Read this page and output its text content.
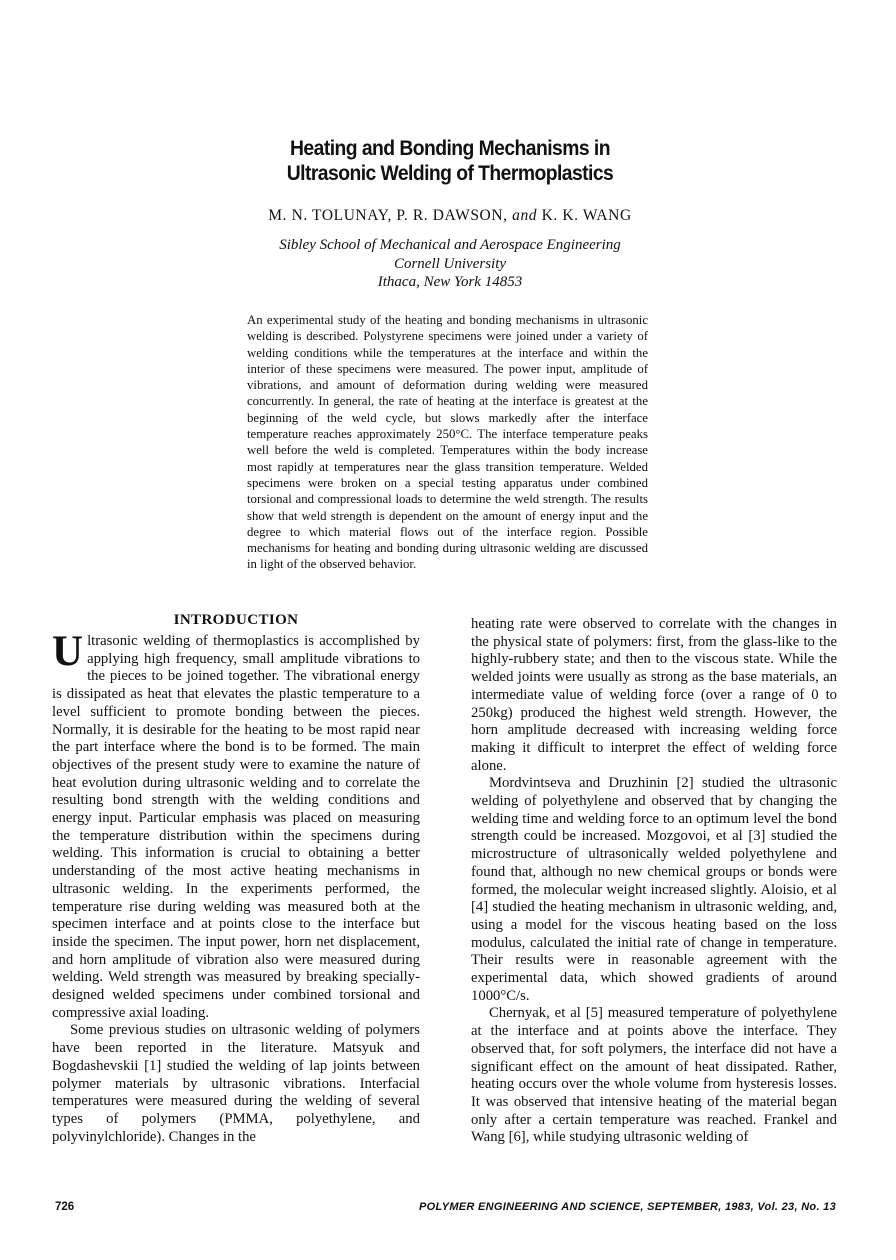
Heating and Bonding Mechanisms in
Ultrasonic Welding of Thermoplastics
M. N. TOLUNAY, P. R. DAWSON, and K. K. WANG
Sibley School of Mechanical and Aerospace Engineering
Cornell University
Ithaca, New York 14853
An experimental study of the heating and bonding mechanisms in ultrasonic welding is described. Polystyrene specimens were joined under a variety of welding conditions while the temperatures at the interface and within the interior of these specimens were measured. The power input, amplitude of vibrations, and amount of deformation during welding were measured concurrently. In general, the rate of heating at the interface is greatest at the beginning of the weld cycle, but slows markedly after the interface temperature reaches approximately 250°C. The interface temperature peaks well before the weld is completed. Temperatures within the body increase most rapidly at temperatures near the glass transition temperature. Welded specimens were broken on a special testing apparatus under combined torsional and compressional loads to determine the weld strength. The results show that weld strength is dependent on the amount of energy input and the degree to which material flows out of the interface region. Possible mechanisms for heating and bonding during ultrasonic welding are discussed in light of the observed behavior.
INTRODUCTION

Ultrasonic welding of thermoplastics is accomplished by applying high frequency, small amplitude vibrations to the pieces to be joined together. The vibrational energy is dissipated as heat that elevates the plastic temperature to a level sufficient to promote bonding between the pieces. Normally, it is desirable for the heating to be most rapid near the part interface where the bond is to be formed. The main objectives of the present study were to examine the nature of heat evolution during ultrasonic welding and to correlate the resulting bond strength with the welding conditions and energy input. Particular emphasis was placed on measuring the temperature distribution within the specimens during welding. This information is crucial to obtaining a better understanding of the most active heating mechanisms in ultrasonic welding. In the experiments performed, the temperature rise during welding was measured both at the specimen interface and at points close to the interface but inside the specimen. The input power, horn net displacement, and horn amplitude of vibration also were measured during welding. Weld strength was measured by breaking specially-designed welded specimens under combined torsional and compressive axial loading.

Some previous studies on ultrasonic welding of polymers have been reported in the literature. Matsyuk and Bogdashevskii [1] studied the welding of lap joints between polymer materials by ultrasonic vibrations. Interfacial temperatures were measured during the welding of several types of polymers (PMMA, polyethylene, and polyvinylchloride). Changes in the

heating rate were observed to correlate with the changes in the physical state of polymers: first, from the glass-like to the highly-rubbery state; and then to the viscous state. While the welded joints were usually as strong as the base materials, an intermediate value of welding force (over a range of 0 to 250kg) produced the highest weld strength. However, the horn amplitude decreased with increasing welding force making it difficult to interpret the effect of welding force alone.

Mordvintseva and Druzhinin [2] studied the ultrasonic welding of polyethylene and observed that by changing the welding time and welding force to an optimum level the bond strength could be increased. Mozgovoi, et al [3] studied the microstructure of ultrasonically welded polyethylene and found that, although no new chemical groups or bonds were formed, the molecular weight increased slightly. Aloisio, et al [4] studied the heating mechanism in ultrasonic welding, and, using a model for the viscous heating based on the loss modulus, calculated the initial rate of change in temperature. Their results were in reasonable agreement with the experimental data, which showed gradients of around 1000°C/s.

Chernyak, et al [5] measured temperature of polyethylene at the interface and at points above the interface. They observed that, for soft polymers, the interface did not have a significant effect on the amount of heat dissipated. Rather, heating occurs over the whole volume from hysteresis losses. It was observed that intensive heating of the material began only after a certain temperature was reached. Frankel and Wang [6], while studying ultrasonic welding of

726	POLYMER ENGINEERING AND SCIENCE, SEPTEMBER, 1983, Vol. 23, No. 13
